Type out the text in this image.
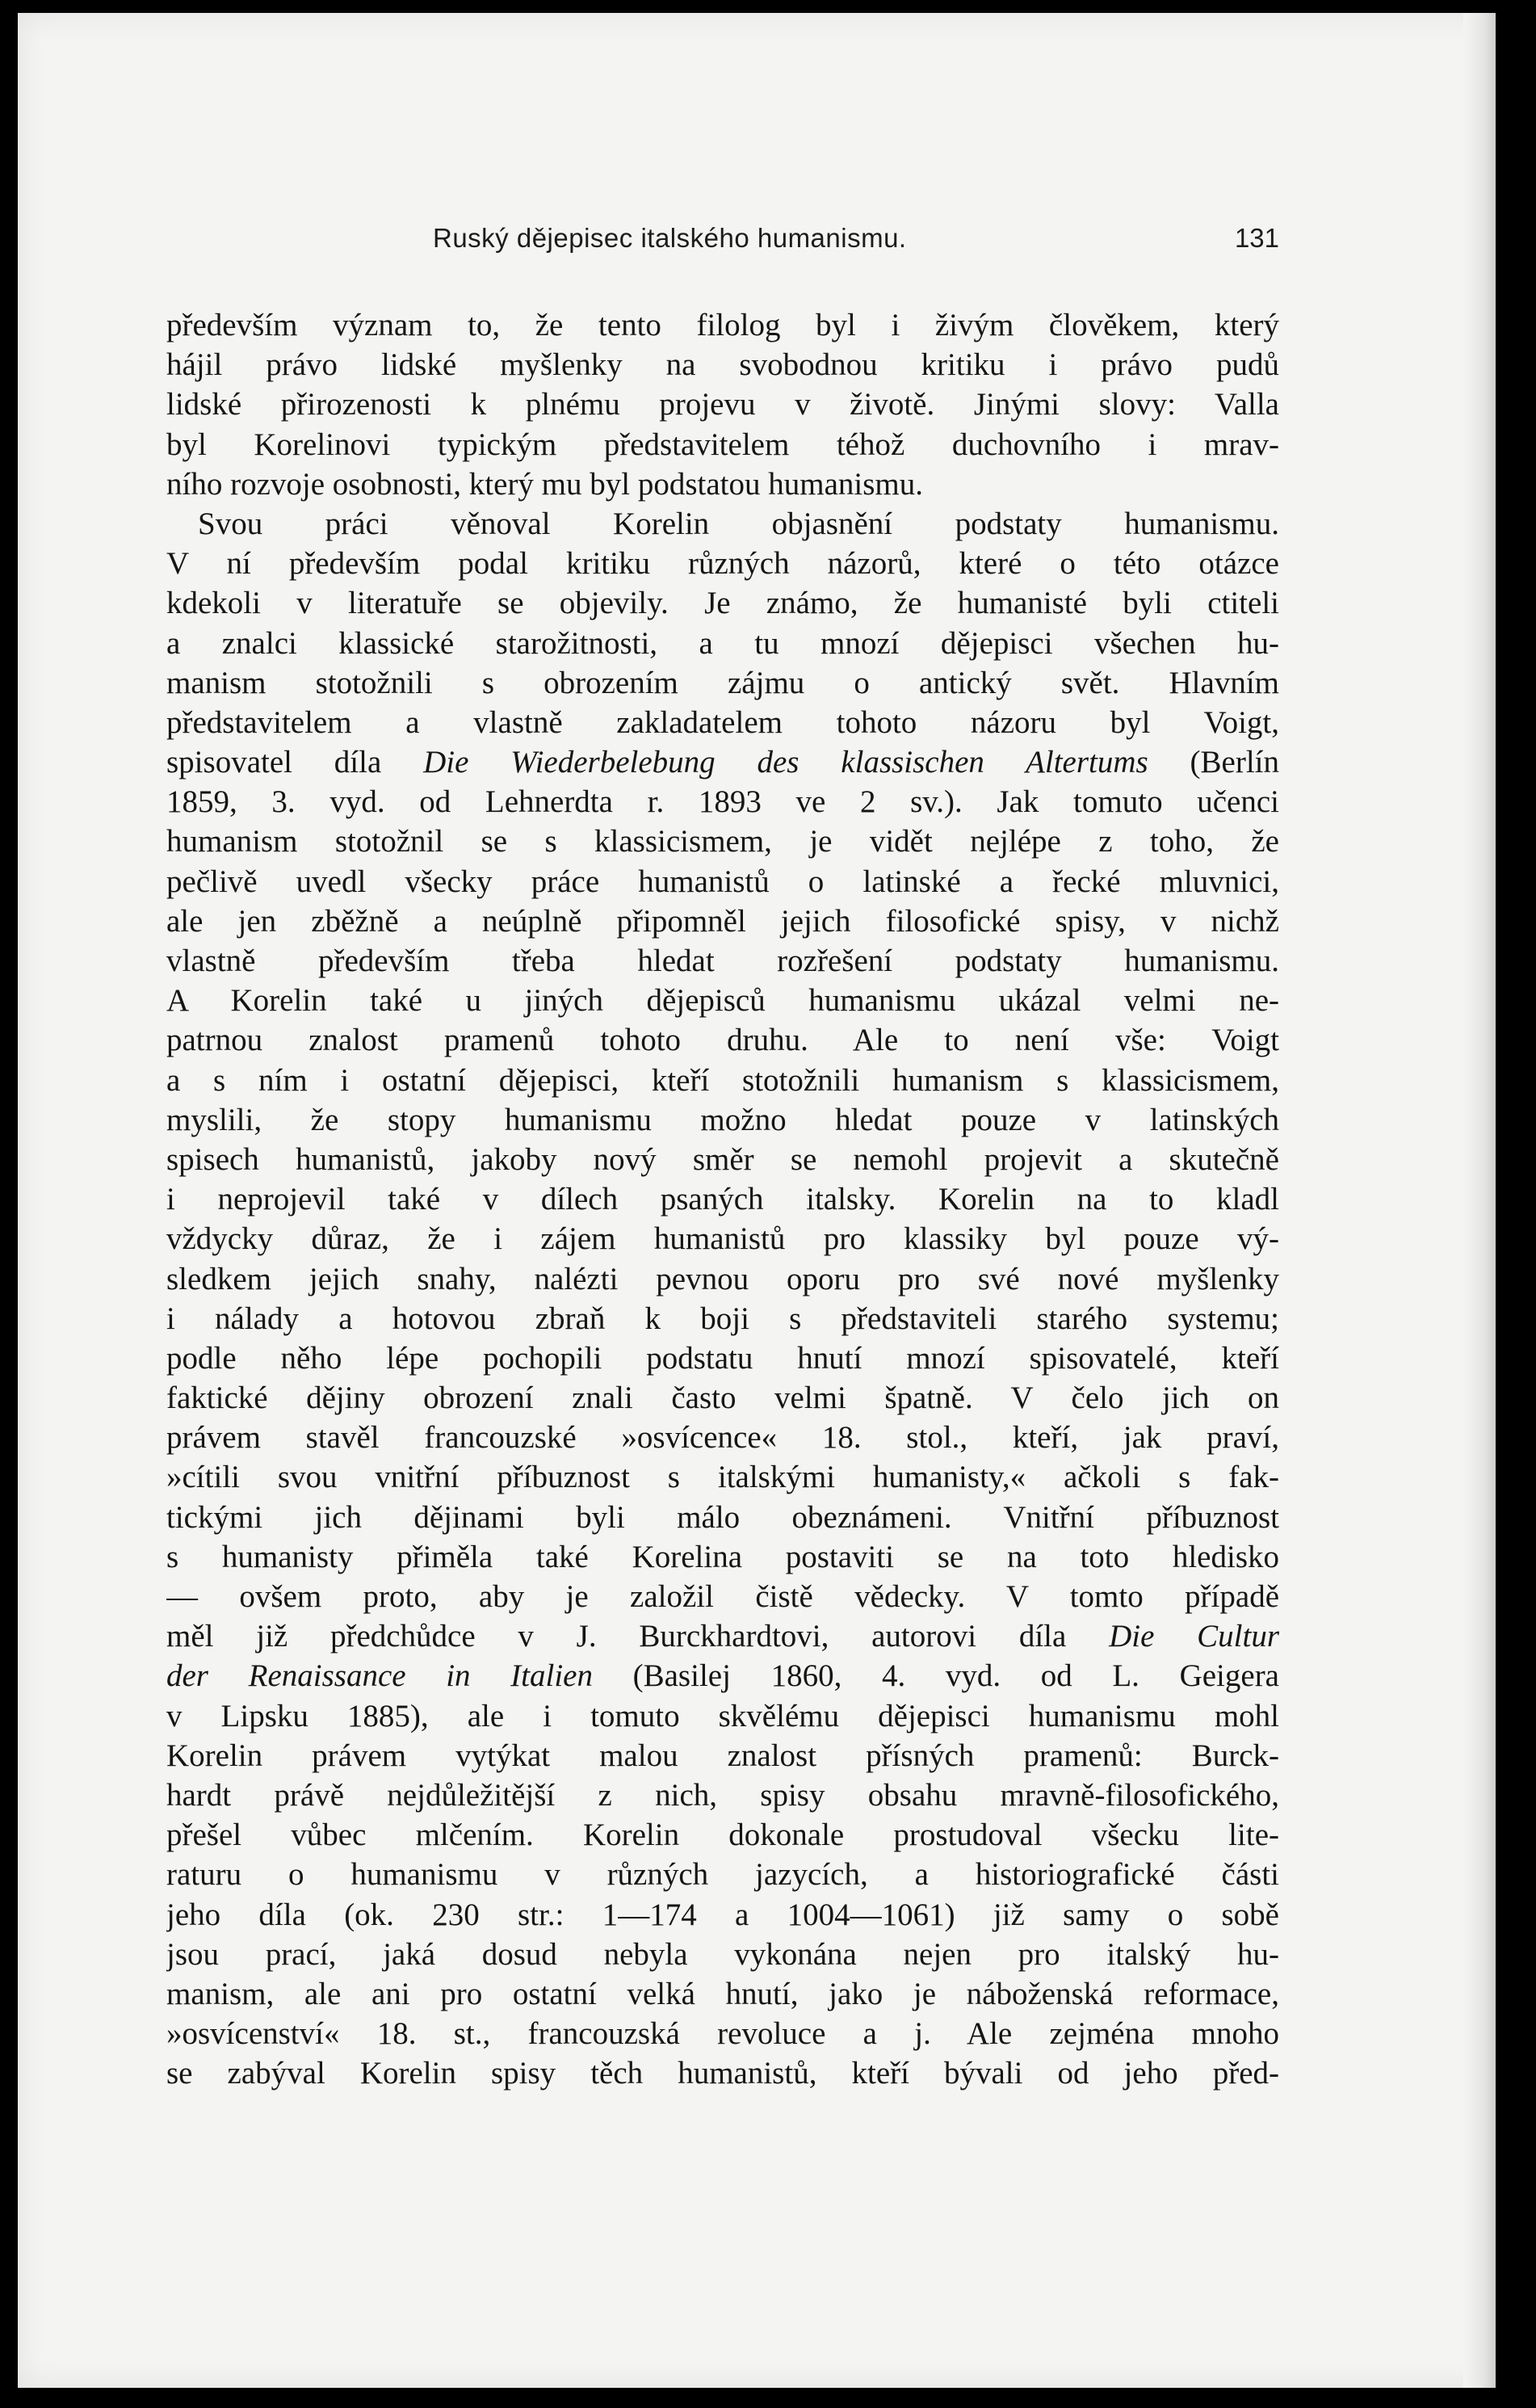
Ruský dějepisec italského humanismu.	131
především význam to, že tento filolog byl i živým člověkem, který
hájil právo lidské myšlenky na svobodnou kritiku i právo pudů
lidské přirozenosti k plnému projevu v životě. Jinými slovy: Valla
byl Korelinovi typickým představitelem téhož duchovního i mrav-
ního rozvoje osobnosti, který mu byl podstatou humanismu.
 Svou práci věnoval Korelin objasnění podstaty humanismu.
V ní především podal kritiku různých názorů, které o této otázce
kdekoli v literatuře se objevily. Je známo, že humanisté byli ctiteli
a znalci klassické starožitnosti, a tu mnozí dějepisci všechen hu-
manism stotožnili s obrozením zájmu o antický svět. Hlavním
představitelem a vlastně zakladatelem tohoto názoru byl Voigt,
spisovatel díla Die Wiederbelebung des klassischen Altertums (Berlín
1859, 3. vyd. od Lehnerdta r. 1893 ve 2 sv.). Jak tomuto učenci
humanism stotožnil se s klassicismem, je vidět nejlépe z toho, že
pečlivě uvedl všecky práce humanistů o latinské a řecké mluvnici,
ale jen zběžně a neúplně připomněl jejich filosofické spisy, v nichž
vlastně především třeba hledat rozřešení podstaty humanismu.
A Korelin také u jiných dějepisců humanismu ukázal velmi ne-
patrnou znalost pramenů tohoto druhu. Ale to není vše: Voigt
a s ním i ostatní dějepisci, kteří stotožnili humanism s klassicismem,
myslili, že stopy humanismu možno hledat pouze v latinských
spisech humanistů, jakoby nový směr se nemohl projevit a skutečně
i neprojevil také v dílech psaných italsky. Korelin na to kladl
vždycky důraz, že i zájem humanistů pro klassiky byl pouze vý-
sledkem jejich snahy, nalézti pevnou oporu pro své nové myšlenky
i nálady a hotovou zbraň k boji s představiteli starého systemu;
podle něho lépe pochopili podstatu hnutí mnozí spisovatelé, kteří
faktické dějiny obrození znali často velmi špatně. V čelo jich on
právem stavěl francouzské »osvícence« 18. stol., kteří, jak praví,
»cítili svou vnitřní příbuznost s italskými humanisty,« ačkoli s fak-
tickými jich dějinami byli málo obeznámeni. Vnitřní příbuznost
s humanisty přiměla také Korelina postaviti se na toto hledisko
— ovšem proto, aby je založil čistě vědecky. V tomto případě
měl již předchůdce v J. Burckhardtovi, autorovi díla Die Cultur
der Renaissance in Italien (Basilej 1860, 4. vyd. od L. Geigera
v Lipsku 1885), ale i tomuto skvělému dějepisci humanismu mohl
Korelin právem vytýkat malou znalost přísných pramenů: Burck-
hardt právě nejdůležitější z nich, spisy obsahu mravně-filosofického,
přešel vůbec mlčením. Korelin dokonale prostudoval všecku lite-
raturu o humanismu v různých jazycích, a historiografické části
jeho díla (ok. 230 str.: 1—174 a 1004—1061) již samy o sobě
jsou prací, jaká dosud nebyla vykonána nejen pro italský hu-
manism, ale ani pro ostatní velká hnutí, jako je náboženská reformace,
»osvícenství« 18. st., francouzská revoluce a j. Ale zejména mnoho
se zabýval Korelin spisy těch humanistů, kteří bývali od jeho před-
